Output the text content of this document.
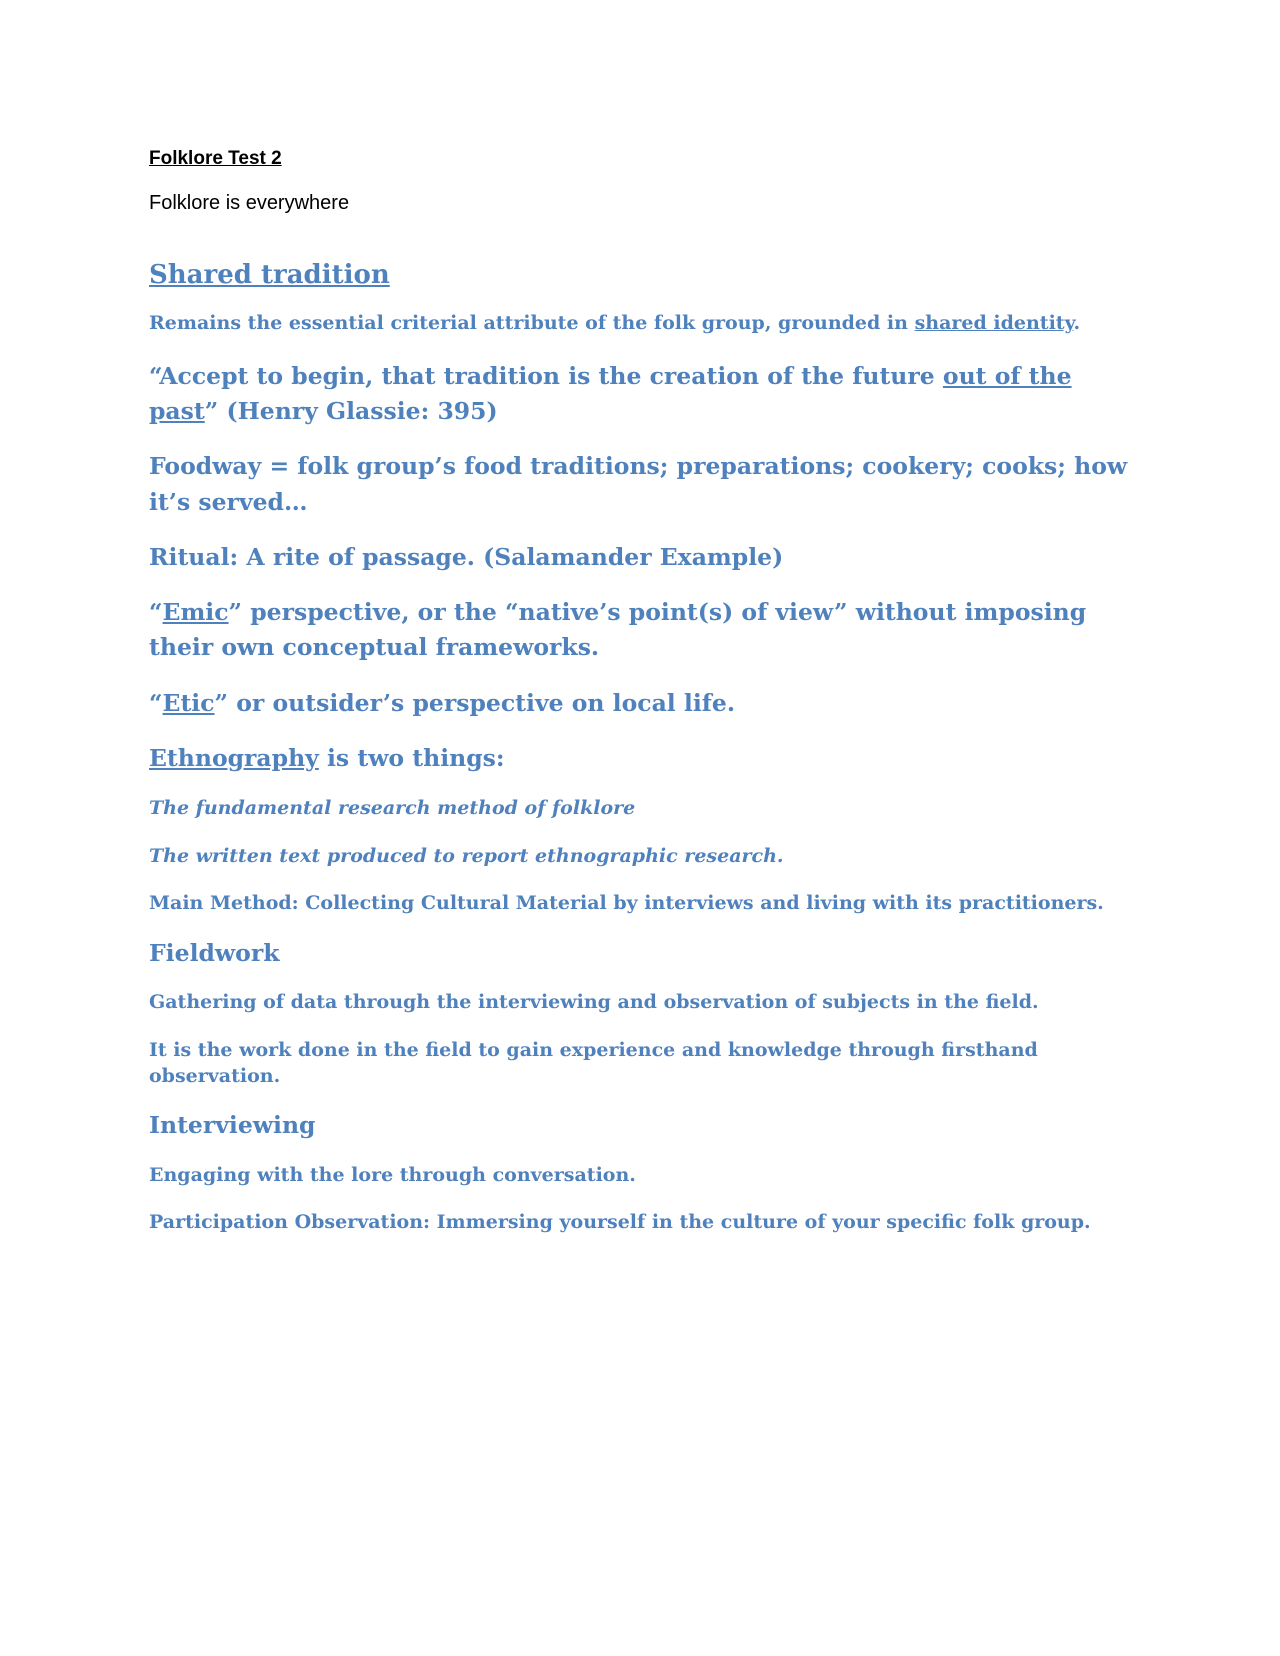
Folklore Test 2
Folklore is everywhere
Shared tradition
Remains the essential criterial attribute of the folk group, grounded in shared identity.
“Accept to begin, that tradition is the creation of the future out of the past” (Henry Glassie: 395)
Foodway = folk group’s food traditions; preparations; cookery; cooks; how it’s served…
Ritual: A rite of passage. (Salamander Example)
“Emic” perspective, or the “native’s point(s) of view” without imposing their own conceptual frameworks.
“Etic” or outsider’s perspective on local life.
Ethnography is two things:
The fundamental research method of folklore
The written text produced to report ethnographic research.
Main Method: Collecting Cultural Material by interviews and living with its practitioners.
Fieldwork
Gathering of data through the interviewing and observation of subjects in the field.
It is the work done in the field to gain experience and knowledge through firsthand observation.
Interviewing
Engaging with the lore through conversation.
Participation Observation: Immersing yourself in the culture of your specific folk group.
